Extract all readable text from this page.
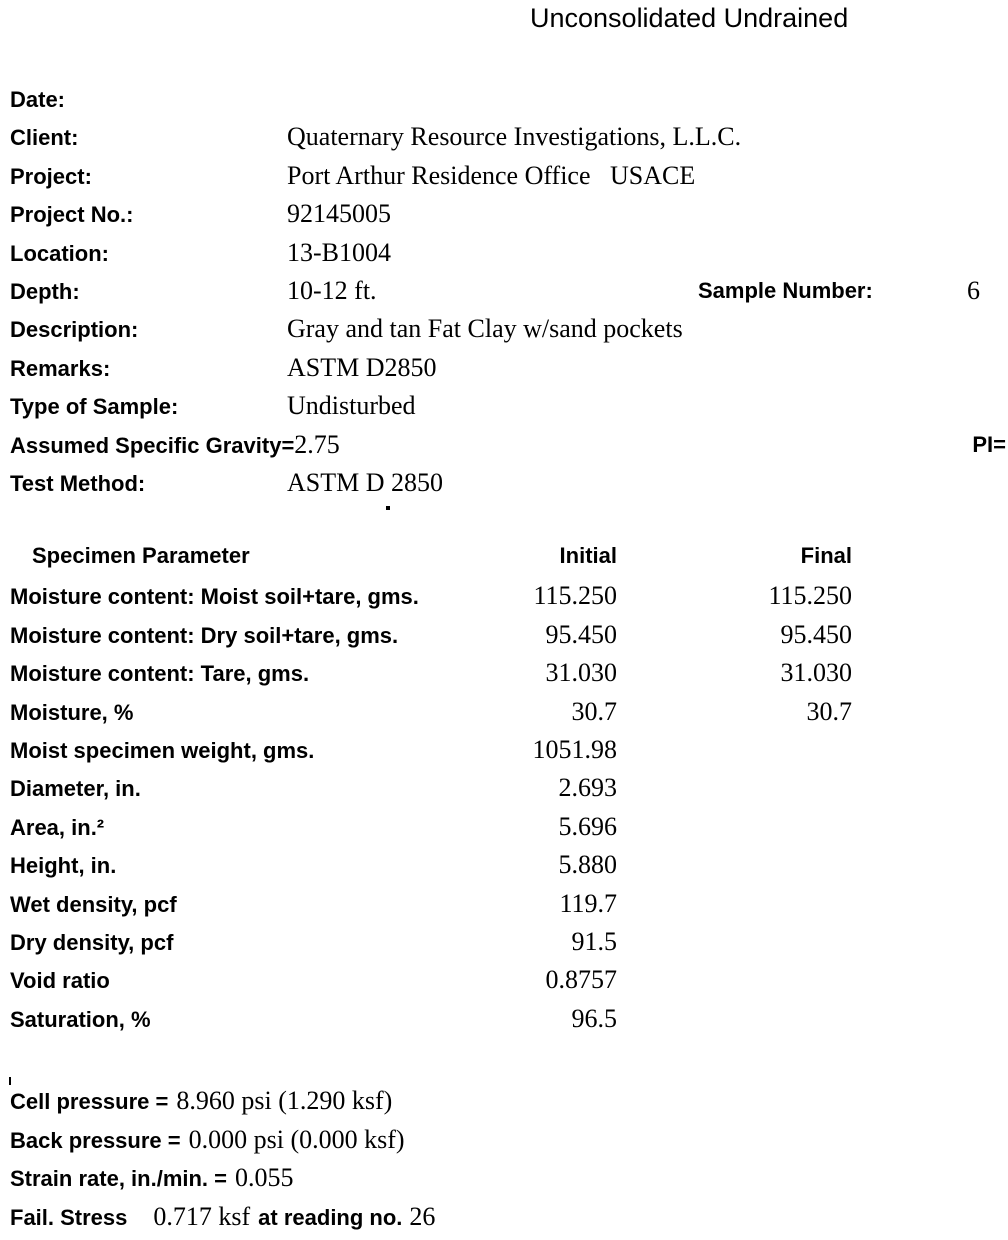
Unconsolidated Undrained
Date:
Client:	Quaternary Resource Investigations, L.L.C.
Project:	Port Arthur Residence Office   USACE
Project No.:	92145005
Location:	13-B1004
Depth:	10-12 ft.	Sample Number:	6
Description:	Gray and tan Fat Clay w/sand pockets
Remarks:	ASTM D2850
Type of Sample:	Undisturbed
Assumed Specific Gravity=2.75	PI=
Test Method:	ASTM D 2850
Specimen Parameter	Initial	Final
Moisture content: Moist soil+tare, gms.	115.250	115.250
Moisture content: Dry soil+tare, gms.	95.450	95.450
Moisture content: Tare, gms.	31.030	31.030
Moisture, %	30.7	30.7
Moist specimen weight, gms.	1051.98
Diameter, in.	2.693
Area, in.²	5.696
Height, in.	5.880
Wet density, pcf	119.7
Dry density, pcf	91.5
Void ratio	0.8757
Saturation, %	96.5
Cell pressure = 8.960 psi (1.290 ksf)
Back pressure = 0.000 psi (0.000 ksf)
Strain rate, in./min. = 0.055
Fail. Stress 0.717 ksf at reading no. 26
